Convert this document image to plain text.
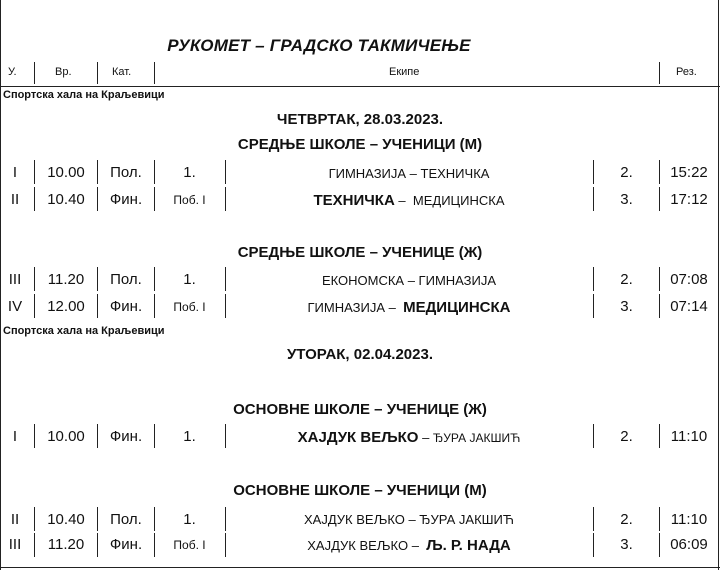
РУКОМЕТ – ГРАДСКО ТАКМИЧЕЊЕ
У.	Вр.	Кат.	Екипе	Рез.
Спортска хала на Краљевици
ЧЕТВРТАК, 28.03.2023.
СРЕДЊЕ ШКОЛЕ – УЧЕНИЦИ (М)
I	10.00	Пол.	1.	ГИМНАЗИЈА – ТЕХНИЧКА	2.	15:22
II	10.40	Фин.	Поб. I	ТЕХНИЧКА – МЕДИЦИНСКА	3.	17:12
СРЕДЊЕ ШКОЛЕ – УЧЕНИЦЕ (Ж)
III	11.20	Пол.	1.	ЕКОНОМСКА – ГИМНАЗИЈА	2.	07:08
IV	12.00	Фин.	Поб. I	ГИМНАЗИЈА – МЕДИЦИНСКА	3.	07:14
Спортска хала на Краљевици
УТОРАК, 02.04.2023.
ОСНОВНЕ ШКОЛЕ – УЧЕНИЦЕ (Ж)
I	10.00	Фин.	1.	ХАЈДУК ВЕЉКО – ЂУРА ЈАКШИЋ	2.	11:10
ОСНОВНЕ ШКОЛЕ – УЧЕНИЦИ (М)
II	10.40	Пол.	1.	ХАЈДУК ВЕЉКО – ЂУРА ЈАКШИЋ	2.	11:10
III	11.20	Фин.	Поб. I	ХАЈДУК ВЕЉКО – Љ. Р. НАДА	3.	06:09
